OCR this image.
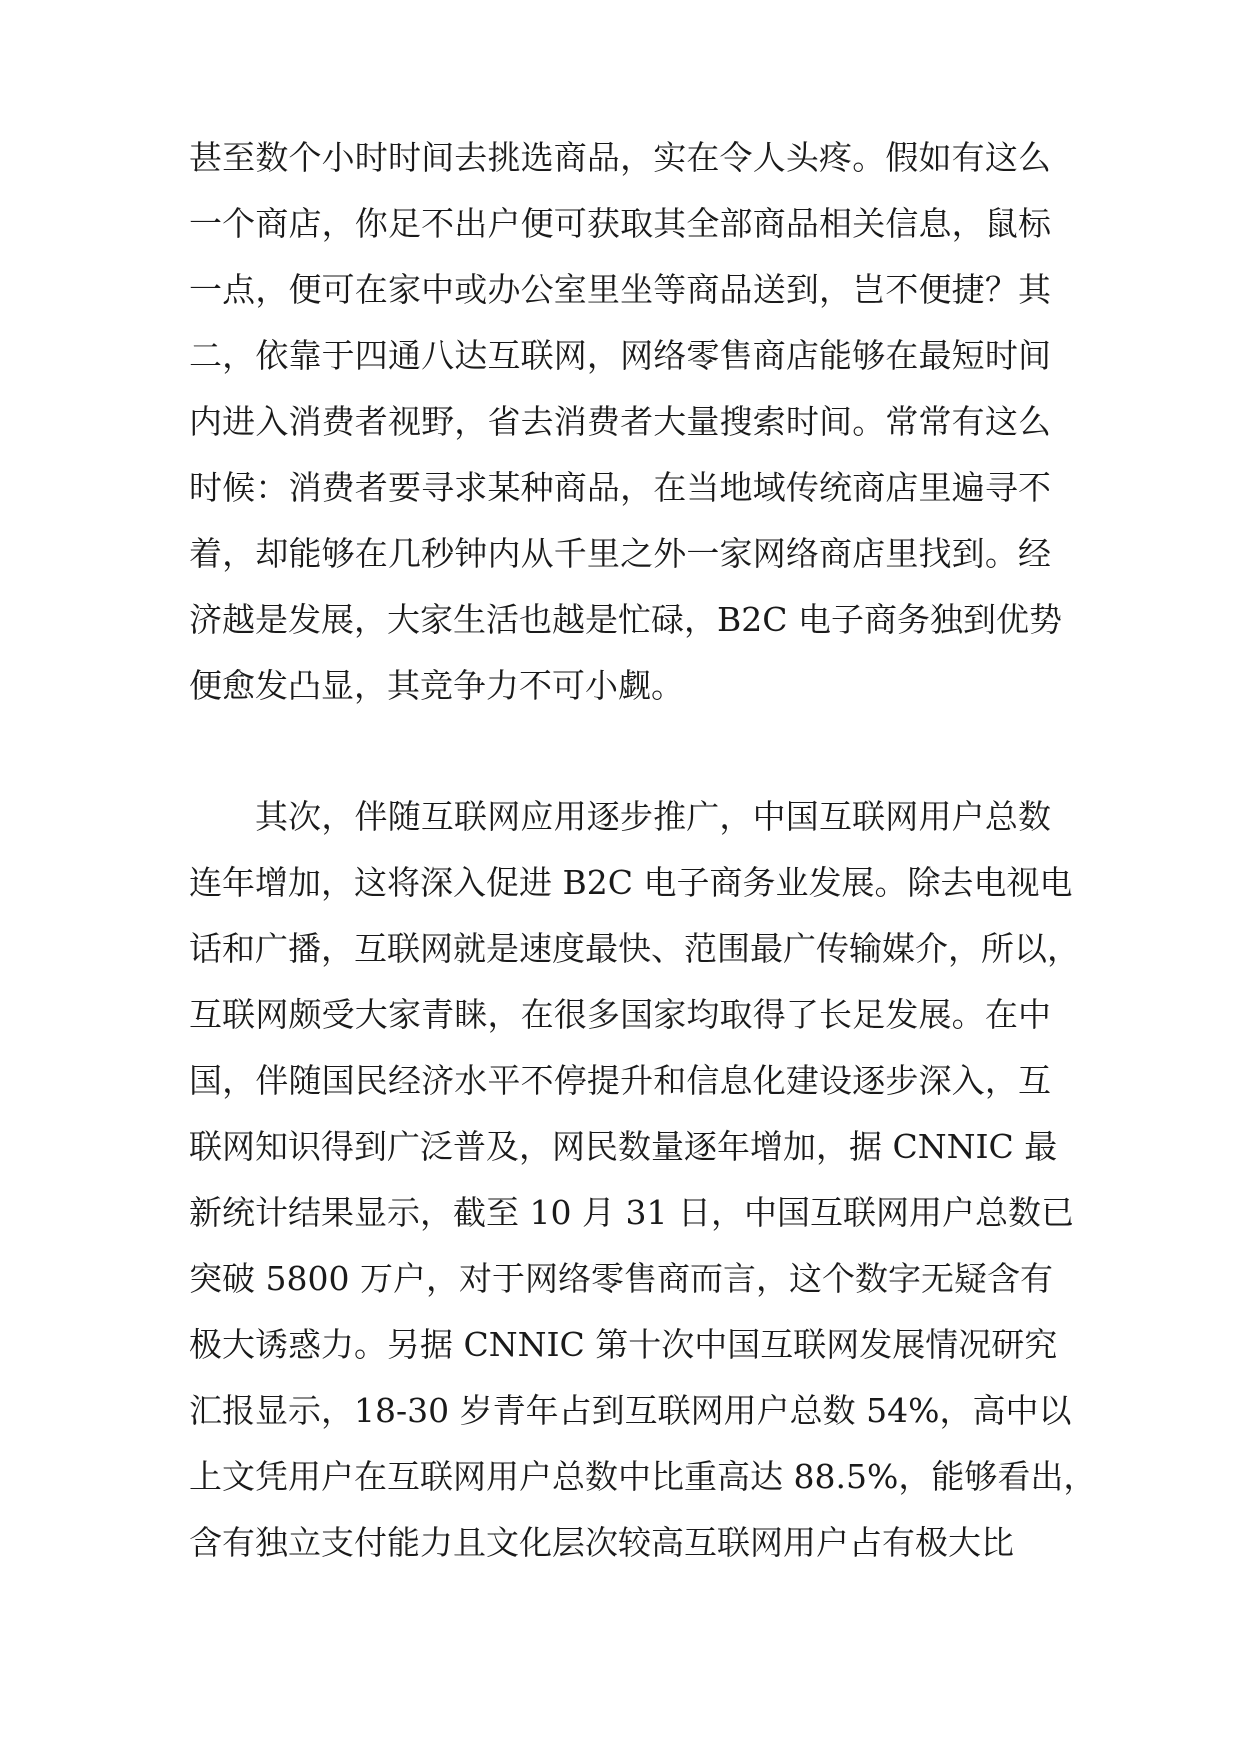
甚至数个小时时间去挑选商品，实在令人头疼。假如有这么
一个商店，你足不出户便可获取其全部商品相关信息，鼠标
一点，便可在家中或办公室里坐等商品送到，岂不便捷？其
二，依靠于四通八达互联网，网络零售商店能够在最短时间
内进入消费者视野，省去消费者大量搜索时间。常常有这么
时候：消费者要寻求某种商品，在当地域传统商店里遍寻不
着，却能够在几秒钟内从千里之外一家网络商店里找到。经
济越是发展，大家生活也越是忙碌，B2C 电子商务独到优势
便愈发凸显，其竞争力不可小觑。
其次，伴随互联网应用逐步推广，中国互联网用户总数
连年增加，这将深入促进 B2C 电子商务业发展。除去电视电
话和广播，互联网就是速度最快、范围最广传输媒介，所以，
互联网颇受大家青睐，在很多国家均取得了长足发展。在中
国，伴随国民经济水平不停提升和信息化建设逐步深入，互
联网知识得到广泛普及，网民数量逐年增加，据 CNNIC 最
新统计结果显示，截至 10 月 31 日，中国互联网用户总数已
突破 5800 万户，对于网络零售商而言，这个数字无疑含有
极大诱惑力。另据 CNNIC 第十次中国互联网发展情况研究
汇报显示，18-30 岁青年占到互联网用户总数 54%，高中以
上文凭用户在互联网用户总数中比重高达 88.5%，能够看出，
含有独立支付能力且文化层次较高互联网用户占有极大比
